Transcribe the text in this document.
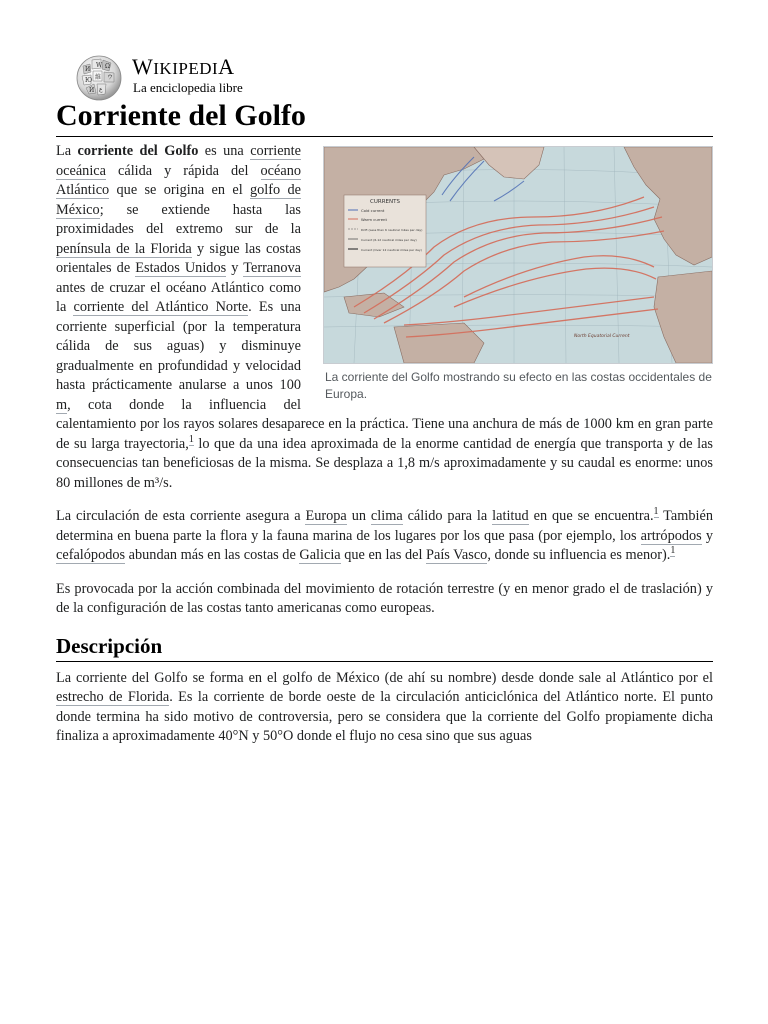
W Ω
И
維 ウ
Ю
ع
Ѝ
WIKIPEDIA
La enciclopedia libre
Corriente del Golfo
CURRENTS
Cold current
Warm current
Drift (Less than 6 nautical miles per day)
Current (6-12 nautical miles per day)
Current (Over 12 nautical miles per day)
North Equatorial Current
La corriente del Golfo mostrando su efecto en las costas occidentales de Europa.

La corriente del Golfo es una corriente oceánica cálida y rápida del océano Atlántico que se origina en el golfo de México; se extiende hasta las proximidades del extremo sur de la península de la Florida y sigue las costas orientales de Estados Unidos y Terranova antes de cruzar el océano Atlántico como la corriente del Atlántico Norte. Es una corriente superficial (por la temperatura cálida de sus aguas) y disminuye gradualmente en profundidad y velocidad hasta prácticamente anularse a unos 100 m, cota donde la influencia del calentamiento por los rayos solares desaparece en la práctica. Tiene una anchura de más de 1000 km en gran parte de su larga trayectoria,$^1$ lo que da una idea aproximada de la enorme cantidad de energía que transporta y de las consecuencias tan beneficiosas de la misma. Se desplaza a 1,8 m/s aproximadamente y su caudal es enorme: unos 80 millones de m³/s.

La circulación de esta corriente asegura a Europa un clima cálido para la latitud en que se encuentra.$^1$ También determina en buena parte la flora y la fauna marina de los lugares por los que pasa (por ejemplo, los artrópodos y cefalópodos abundan más en las costas de Galicia que en las del País Vasco, donde su influencia es menor).$^1$

Es provocada por la acción combinada del movimiento de rotación terrestre (y en menor grado el de traslación) y de la configuración de las costas tanto americanas como europeas.

Descripción

La corriente del Golfo se forma en el golfo de México (de ahí su nombre) desde donde sale al Atlántico por el estrecho de Florida. Es la corriente de borde oeste de la circulación anticiclónica del Atlántico norte. El punto donde termina ha sido motivo de controversia, pero se considera que la corriente del Golfo propiamente dicha finaliza a aproximadamente 40°N y 50°O donde el flujo no cesa sino que sus aguas
